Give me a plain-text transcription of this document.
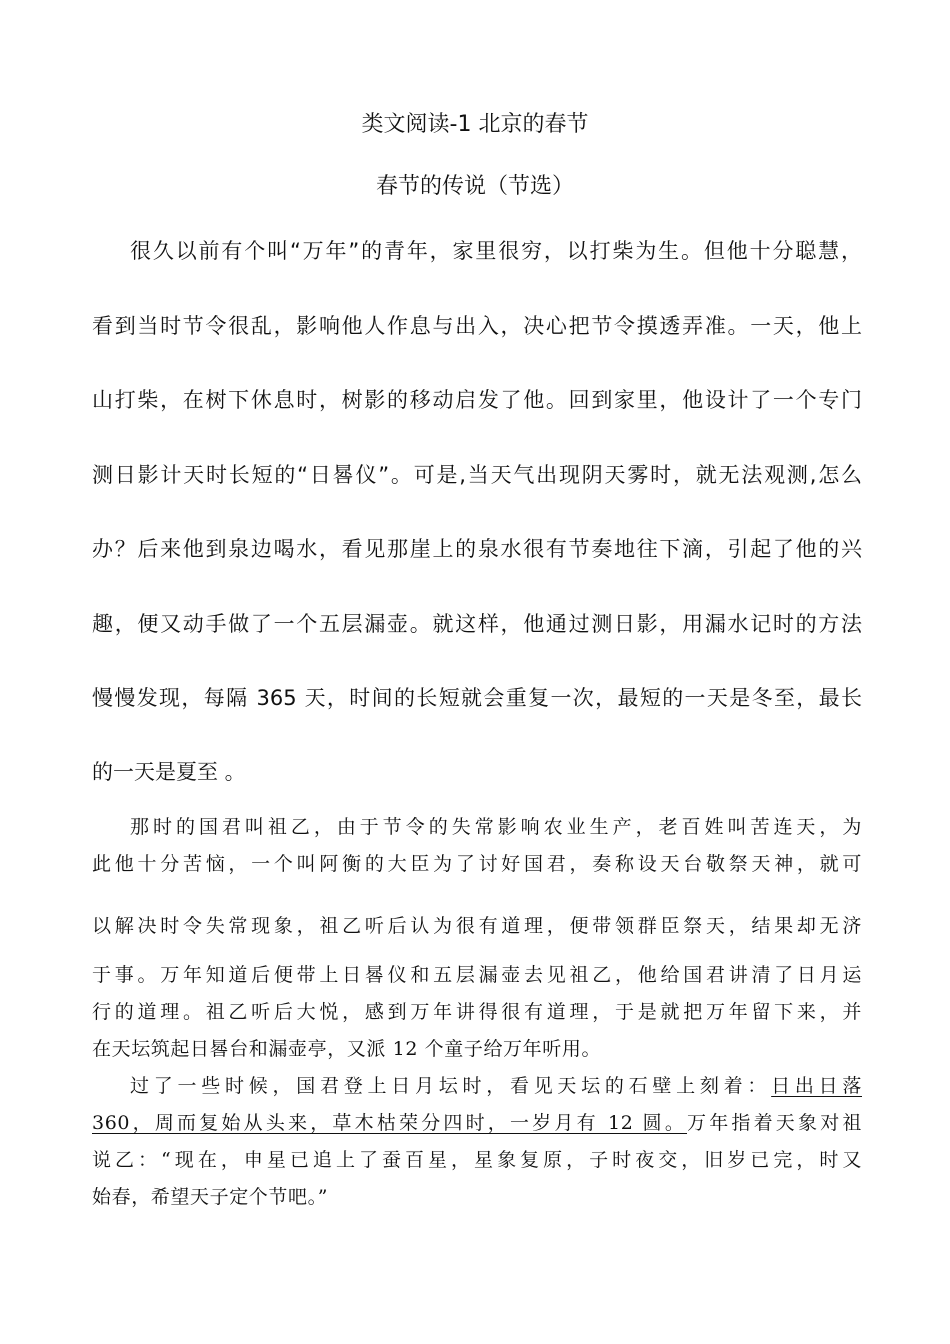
类文阅读-1 北京的春节
春节的传说（节选）

很久以前有个叫“万年”的青年，家里很穷，以打柴为生。但他十分聪慧，

看到当时节令很乱，影响他人作息与出入，决心把节令摸透弄准。一天，他上

山打柴，在树下休息时，树影的移动启发了他。回到家里，他设计了一个专门

测日影计天时长短的“日晷仪”。可是,当天气出现阴天雾时，就无法观测,怎么

办？后来他到泉边喝水，看见那崖上的泉水很有节奏地往下滴，引起了他的兴

趣，便又动手做了一个五层漏壶。就这样，他通过测日影，用漏水记时的方法

慢慢发现，每隔 365 天，时间的长短就会重复一次，最短的一天是冬至，最长

的一天是夏至 。

那时的国君叫祖乙，由于节令的失常影响农业生产，老百姓叫苦连天，为

此他十分苦恼，一个叫阿衡的大臣为了讨好国君，奏称设天台敬祭天神，就可

以解决时令失常现象，祖乙听后认为很有道理，便带领群臣祭天，结果却无济

于事。万年知道后便带上日晷仪和五层漏壶去见祖乙，他给国君讲清了日月运

行的道理。祖乙听后大悦，感到万年讲得很有道理，于是就把万年留下来，并

在天坛筑起日晷台和漏壶亭，又派 12 个童子给万年听用。

过了一些时候，国君登上日月坛时，看见天坛的石壁上刻着：日出日落

360，周而复始从头来，草木枯荣分四时，一岁月有 12 圆。万年指着天象对祖

说乙：“现在，申星已追上了蚕百星，星象复原，子时夜交，旧岁已完，时又

始春，希望天子定个节吧。”
